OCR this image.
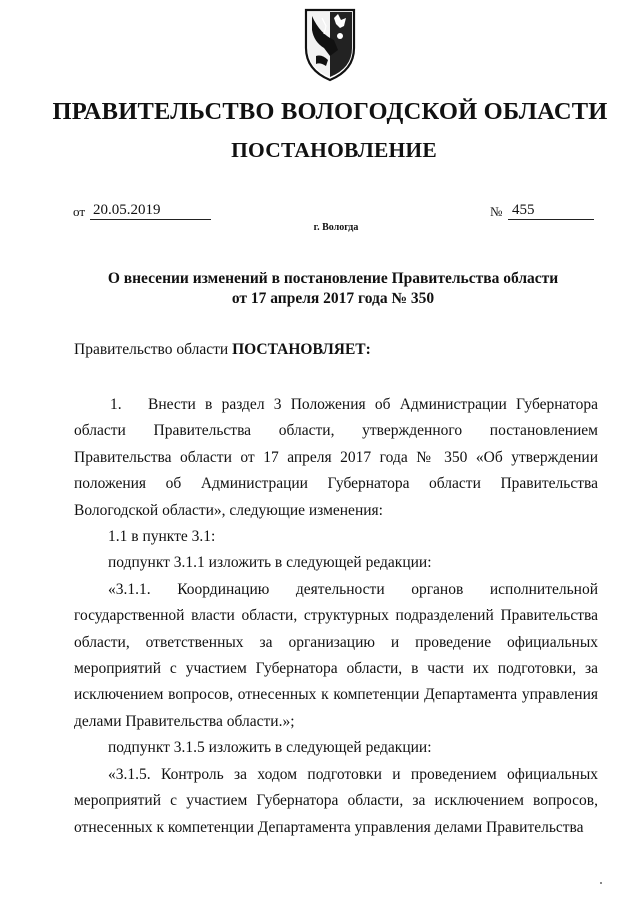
ПРАВИТЕЛЬСТВО ВОЛОГОДСКОЙ ОБЛАСТИ
ПОСТАНОВЛЕНИЕ
от 20.05.2019	№ 455
г. Вологда
О внесении изменений в постановление Правительства области
от 17 апреля 2017 года № 350
Правительство области ПОСТАНОВЛЯЕТ:

1. Внести в раздел 3 Положения об Администрации Губернатора области Правительства области, утвержденного постановлением Правительства области от 17 апреля 2017 года № 350 «Об утверждении положения об Администрации Губернатора области Правительства Вологодской области», следующие изменения:

1.1 в пункте 3.1:

подпункт 3.1.1 изложить в следующей редакции:

«3.1.1. Координацию деятельности органов исполнительной государственной власти области, структурных подразделений Правительства области, ответственных за организацию и проведение официальных мероприятий с участием Губернатора области, в части их подготовки, за исключением вопросов, отнесенных к компетенции Департамента управления делами Правительства области.»;

подпункт 3.1.5 изложить в следующей редакции:

«3.1.5. Контроль за ходом подготовки и проведением официальных мероприятий с участием Губернатора области, за исключением вопросов, отнесенных к компетенции Департамента управления делами Правительства
